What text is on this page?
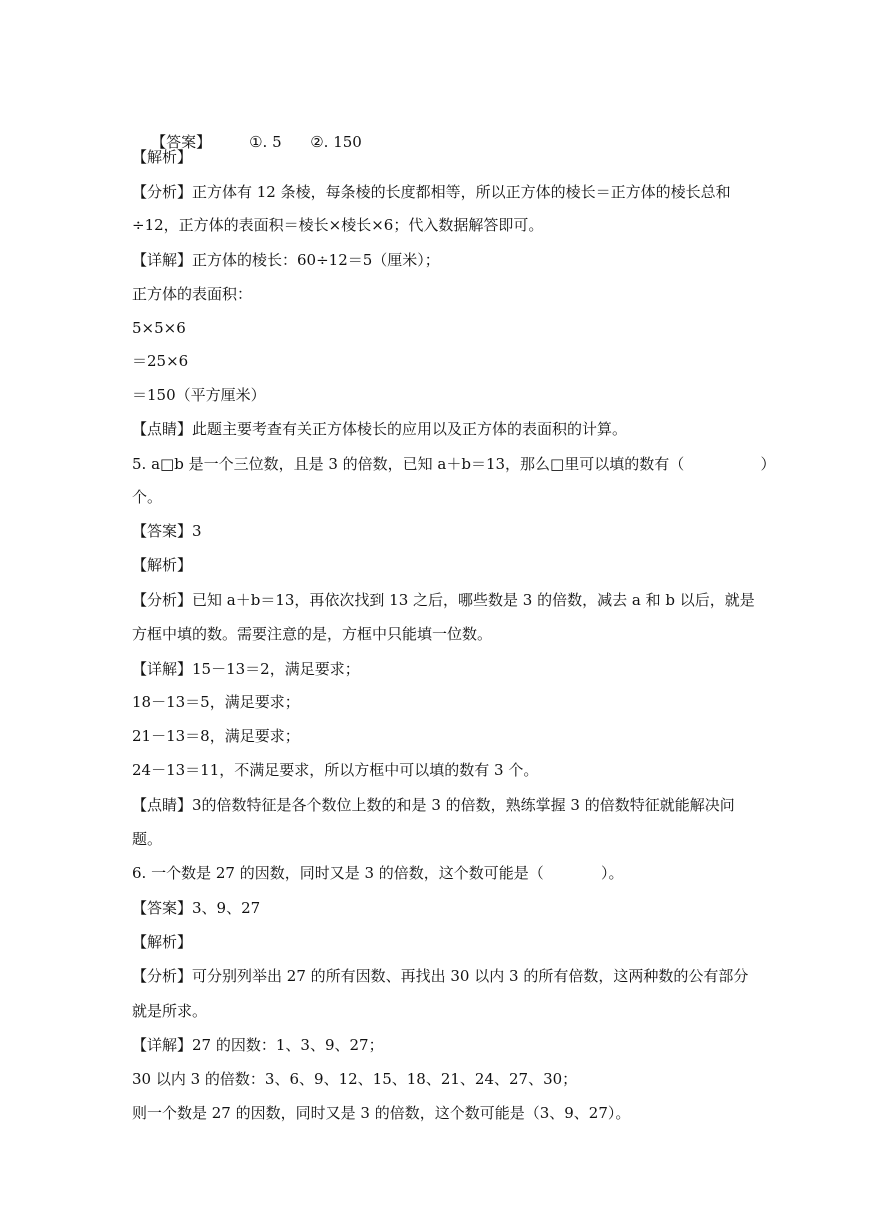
【答案】	①. 5      ②. 150

【解析】
【分析】正方体有 12 条棱，每条棱的长度都相等，所以正方体的棱长＝正方体的棱长总和
÷12，正方体的表面积＝棱长×棱长×6；代入数据解答即可。
【详解】正方体的棱长：60÷12＝5（厘米）；
正方体的表面积：
5×5×6
＝25×6
＝150（平方厘米）
【点睛】此题主要考查有关正方体棱长的应用以及正方体的表面积的计算。
5. a□b 是一个三位数，且是 3 的倍数，已知 a＋b＝13，那么□里可以填的数有（                ）
个。
【答案】3
【解析】
【分析】已知 a＋b＝13，再依次找到 13 之后，哪些数是 3 的倍数，减去 a 和 b 以后，就是
方框中填的数。需要注意的是，方框中只能填一位数。
【详解】15－13＝2，满足要求；
18－13＝5，满足要求；
21－13＝8，满足要求；
24－13＝11，不满足要求，所以方框中可以填的数有 3 个。
【点睛】3的倍数特征是各个数位上数的和是 3 的倍数，熟练掌握 3 的倍数特征就能解决问
题。
6. 一个数是 27 的因数，同时又是 3 的倍数，这个数可能是（            ）。
【答案】3、9、27
【解析】
【分析】可分别列举出 27 的所有因数、再找出 30 以内 3 的所有倍数，这两种数的公有部分
就是所求。
【详解】27 的因数：1、3、9、27；
30 以内 3 的倍数：3、6、9、12、15、18、21、24、27、30；
则一个数是 27 的因数，同时又是 3 的倍数，这个数可能是（3、9、27）。
